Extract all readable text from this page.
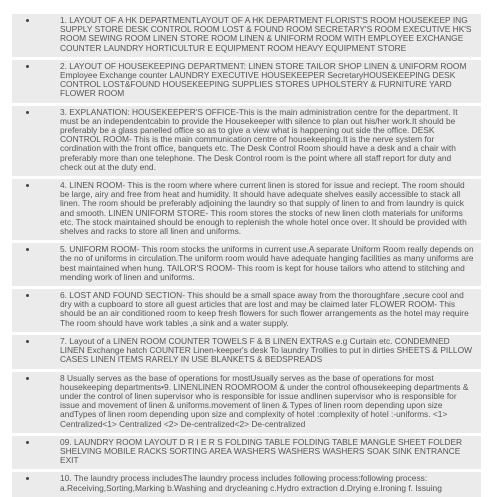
1. LAYOUT OF A HK DEPARTMENTLAYOUT OF A HK DEPARTMENT FLORIST'S ROOM HOUSEKEEP ING SUPPLY STORE DESK CONTROL ROOM LOST & FOUND ROOM SECRETARY'S ROOM EXECUTIVE HK'S ROOM SEWING ROOM LINEN STORE ROOM LINEN & UNIFORM ROOM WITH EMPLOYEE EXCHANGE COUNTER LAUNDRY HORTICULTUR E EQUIPMENT ROOM HEAVY EQUIPMENT STORE
2. LAYOUT OF HOUSEKEEPING DEPARTMENT: LINEN STORE TAILOR SHOP LINEN & UNIFORM ROOM Employee Exchange counter LAUNDRY EXECUTIVE HOUSEKEEPER SecretaryHOUSEKEEPING DESK CONTROL LOST&FOUND HOUSEKEEPING SUPPLIES STORES UPHOLSTERY & FURNITURE YARD FLOWER ROOM
3. EXPLANATION: HOUSEKEEPER'S OFFICE-This is the main administration centre for the department. It must be an independentcabin to provide the Housekeeper with silence to plan out his/her work.It should be preferably be a glass panelled office so as to give a view what is happening out side the office. DESK CONTROL ROOM- This is the main communication centre of housekeeping.It is the nerve system for cordination with the front office, banquets etc. The Desk Control Room should have a desk and a chair with preferably more than one telephone. The Desk Control room is the point where all staff report for duty and check out at the duty end.
4. LINEN ROOM- This is the room where where current linen is stored for issue and reciept. The room should be large, airy and free from heat and humidity. It should have adequate shelves easily accessible to stack all linen. The room should be preferably adjoining the laundry so that supply of linen to and from laundry is quick and smooth. LINEN UNIFORM STORE- This room stores the stocks of new linen cloth materials for uniforms etc. The stock maintained should be enough to replenish the whole hotel once over. It should be provided with shelves and racks to store all linen and uniforms.
5. UNIFORM ROOM- This room stocks the uniforms in current use.A separate Uniform Room really depends on the no of uniforms in circulation.The uniform room would have adequate hanging facilities as many uniforms are best maintained when hung. TAILOR'S ROOM- This room is kept for house tailors who attend to stitching and mending work of linen and uniforms.
6. LOST AND FOUND SECTION- This should be a small space away from the thoroughfare ,secure cool and dry with a cupboard to store all guest articles that are lost and may be claimed later FLOWER ROOM- This should be an air conditioned room to keep fresh flowers for such flower arrangements as the hotel may require The room should have work tables ,a sink and a water supply.
7. Layout of a LINEN ROOM COUNTER TOWELS F & B LINEN EXTRAS e.g Curtain etc. CONDEMNED LINEN Exchange hatch COUNTER Linen-keeper's desk To laundry Trollies to put in dirties SHEETS & PILLOW CASES LINEN ITEMS RARELY IN USE BLANKETS & BEDSPREADS
8 Usually serves as the base of operations for mostUsually serves as the base of operations for most housekeeping departments•9. LINENLINEN ROOMROOM & under the control ofhousekeeping departments & under the control of linen supervisor who is responsible for issue andlinen supervisor who is responsible for issue and movement of linen & uniforms.movement of linen & Types of linen room depending upon size andTypes of linen room depending upon size and complexity of hotel :complexity of hotel :-uniforms. <1> Centralized<1> Centralized <2> De-centralized<2> De-centralized
09. LAUNDRY ROOM LAYOUT D R I E R S FOLDING TABLE FOLDING TABLE MANGLE SHEET FOLDER SHELVING MOBILE RACKS SORTING AREA WASHERS WASHERS WASHERS SOAK SINK ENTRANCE EXIT
10. The laundry process includesThe laundry process includes following process:following process: a.Receiving,Sorting,Marking b.Washing and drycleaning c.Hydro extraction d.Drying e.Ironing f. Issuing
